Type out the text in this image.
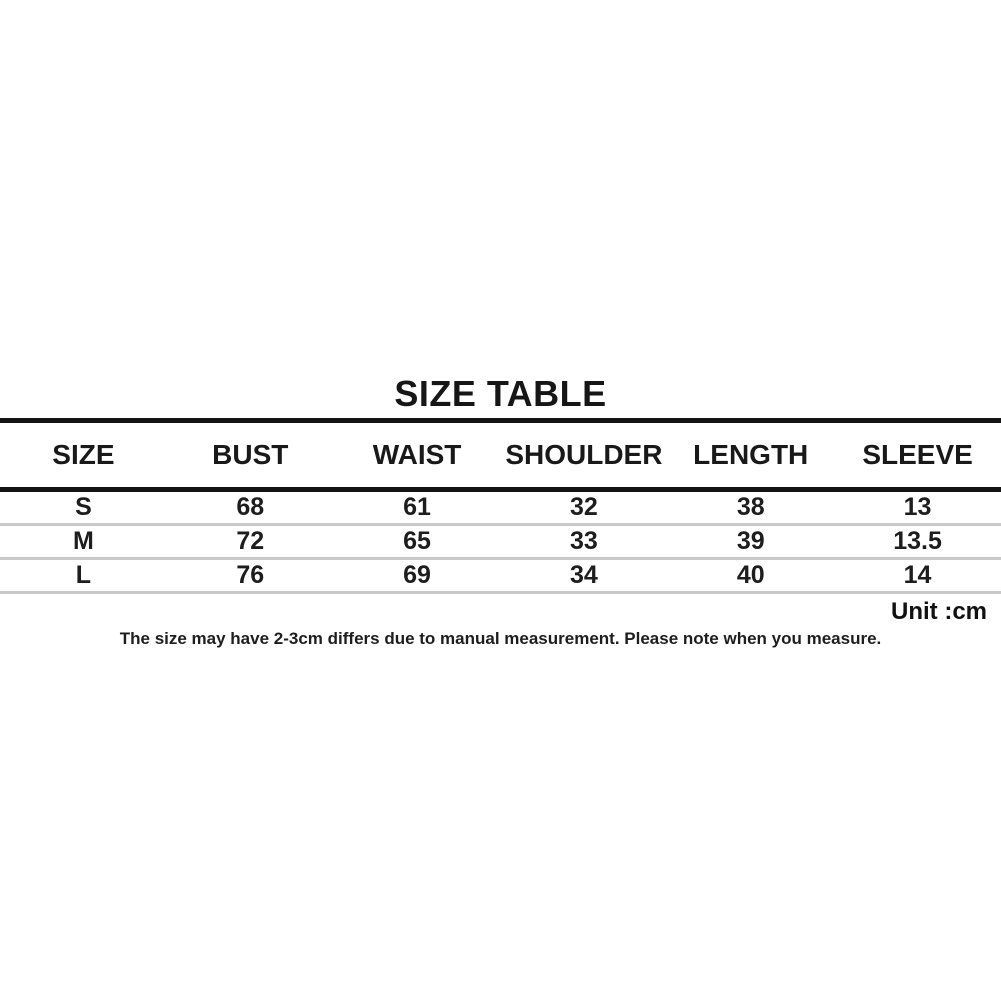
SIZE TABLE
SIZE	BUST	WAIST	SHOULDER	LENGTH	SLEEVE
S	68	61	32	38	13
M	72	65	33	39	13.5
L	76	69	34	40	14
Unit :cm
The size may have 2-3cm differs due to manual measurement. Please note when you measure.
